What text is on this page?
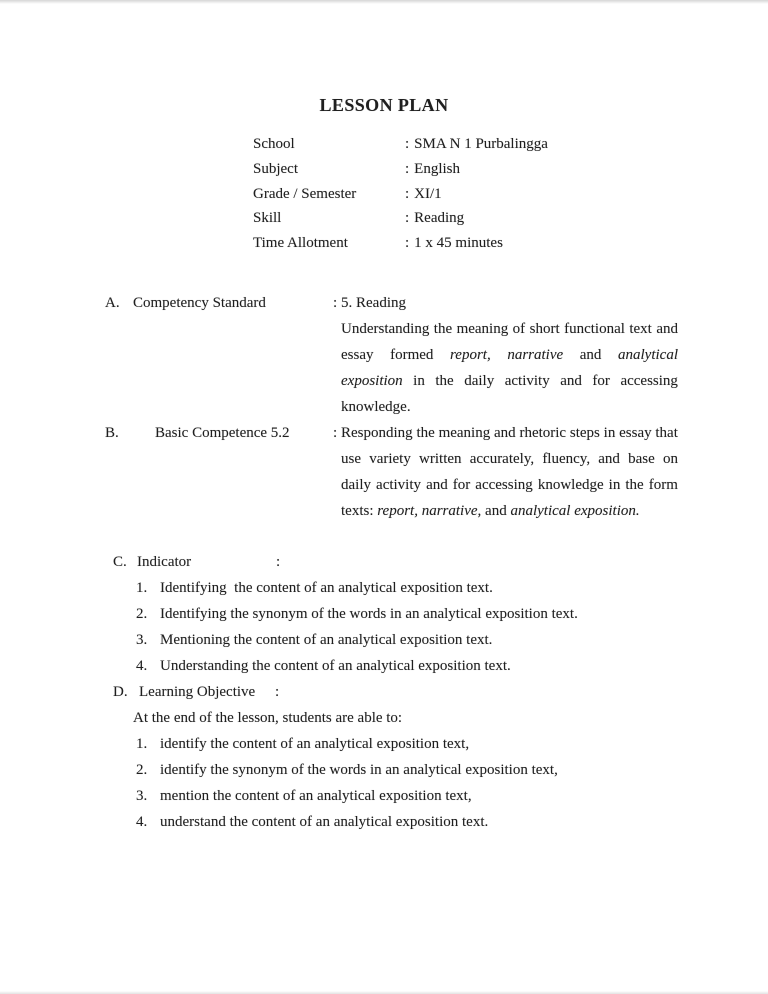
LESSON PLAN
School	: SMA N 1 Purbalingga
Subject	: English
Grade / Semester	: XI/1
Skill	: Reading
Time Allotment	: 1 x 45 minutes
A. Competency Standard	: 5. Reading
Understanding the meaning of short functional text and
essay formed report, narrative and analytical
exposition in the daily activity and for accessing
knowledge.
B. Basic Competence 5.2	: Responding the meaning and rhetoric steps in essay that
use variety written accurately, fluency, and base on
daily activity and for accessing knowledge in the form
texts: report, narrative, and analytical exposition.
C. Indicator	:
1. Identifying  the content of an analytical exposition text.
2. Identifying the synonym of the words in an analytical exposition text.
3. Mentioning the content of an analytical exposition text.
4. Understanding the content of an analytical exposition text.
D. Learning Objective :
At the end of the lesson, students are able to:
1. identify the content of an analytical exposition text,
2. identify the synonym of the words in an analytical exposition text,
3. mention the content of an analytical exposition text,
4. understand the content of an analytical exposition text.
